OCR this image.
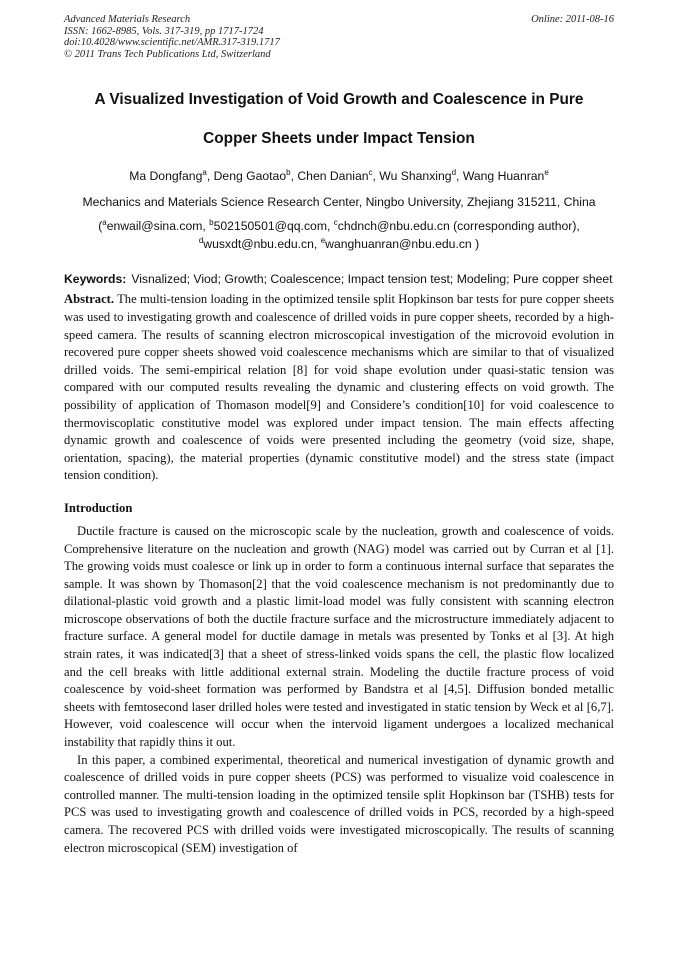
Advanced Materials Research	Online: 2011-08-16
ISSN: 1662-8985, Vols. 317-319, pp 1717-1724
doi:10.4028/www.scientific.net/AMR.317-319.1717
© 2011 Trans Tech Publications Ltd, Switzerland
A Visualized Investigation of Void Growth and Coalescence in Pure
Copper Sheets under Impact Tension
Ma Dongfang$^a$, Deng Gaotao$^b$, Chen Danian$^c$, Wu Shanxing$^d$, Wang Huanran$^e$
Mechanics and Materials Science Research Center, Ningbo University, Zhejiang 315211, China
($^a$enwail@sina.com, $^b$502150501@qq.com, $^c$chdnch@nbu.edu.cn (corresponding author),
$^d$wusxdt@nbu.edu.cn, $^e$wanghuanran@nbu.edu.cn )
Keywords: Visnalized; Viod; Growth; Coalescence; Impact tension test; Modeling; Pure copper sheet
Abstract. The multi-tension loading in the optimized tensile split Hopkinson bar tests for pure copper sheets was used to investigating growth and coalescence of drilled voids in pure copper sheets, recorded by a high-speed camera. The results of scanning electron microscopical investigation of the microvoid evolution in recovered pure copper sheets showed void coalescence mechanisms which are similar to that of visualized drilled voids. The semi-empirical relation [8] for void shape evolution under quasi-static tension was compared with our computed results revealing the dynamic and clustering effects on void growth. The possibility of application of Thomason model[9] and Considere’s condition[10] for void coalescence to thermoviscoplatic constitutive model was explored under impact tension. The main effects affecting dynamic growth and coalescence of voids were presented including the geometry (void size, shape, orientation, spacing), the material properties (dynamic constitutive model) and the stress state (impact tension condition).
Introduction
Ductile fracture is caused on the microscopic scale by the nucleation, growth and coalescence of voids. Comprehensive literature on the nucleation and growth (NAG) model was carried out by Curran et al [1]. The growing voids must coalesce or link up in order to form a continuous internal surface that separates the sample. It was shown by Thomason[2] that the void coalescence mechanism is not predominantly due to dilational-plastic void growth and a plastic limit-load model was fully consistent with scanning electron microscope observations of both the ductile fracture surface and the microstructure immediately adjacent to fracture surface. A general model for ductile damage in metals was presented by Tonks et al [3]. At high strain rates, it was indicated[3] that a sheet of stress-linked voids spans the cell, the plastic flow localized and the cell breaks with little additional external strain. Modeling the ductile fracture process of void coalescence by void-sheet formation was performed by Bandstra et al [4,5]. Diffusion bonded metallic sheets with femtosecond laser drilled holes were tested and investigated in static tension by Weck et al [6,7]. However, void coalescence will occur when the intervoid ligament undergoes a localized mechanical instability that rapidly thins it out.
In this paper, a combined experimental, theoretical and numerical investigation of dynamic growth and coalescence of drilled voids in pure copper sheets (PCS) was performed to visualize void coalescence in controlled manner. The multi-tension loading in the optimized tensile split Hopkinson bar (TSHB) tests for PCS was used to investigating growth and coalescence of drilled voids in PCS, recorded by a high-speed camera. The recovered PCS with drilled voids were investigated microscopically. The results of scanning electron microscopical (SEM) investigation of
